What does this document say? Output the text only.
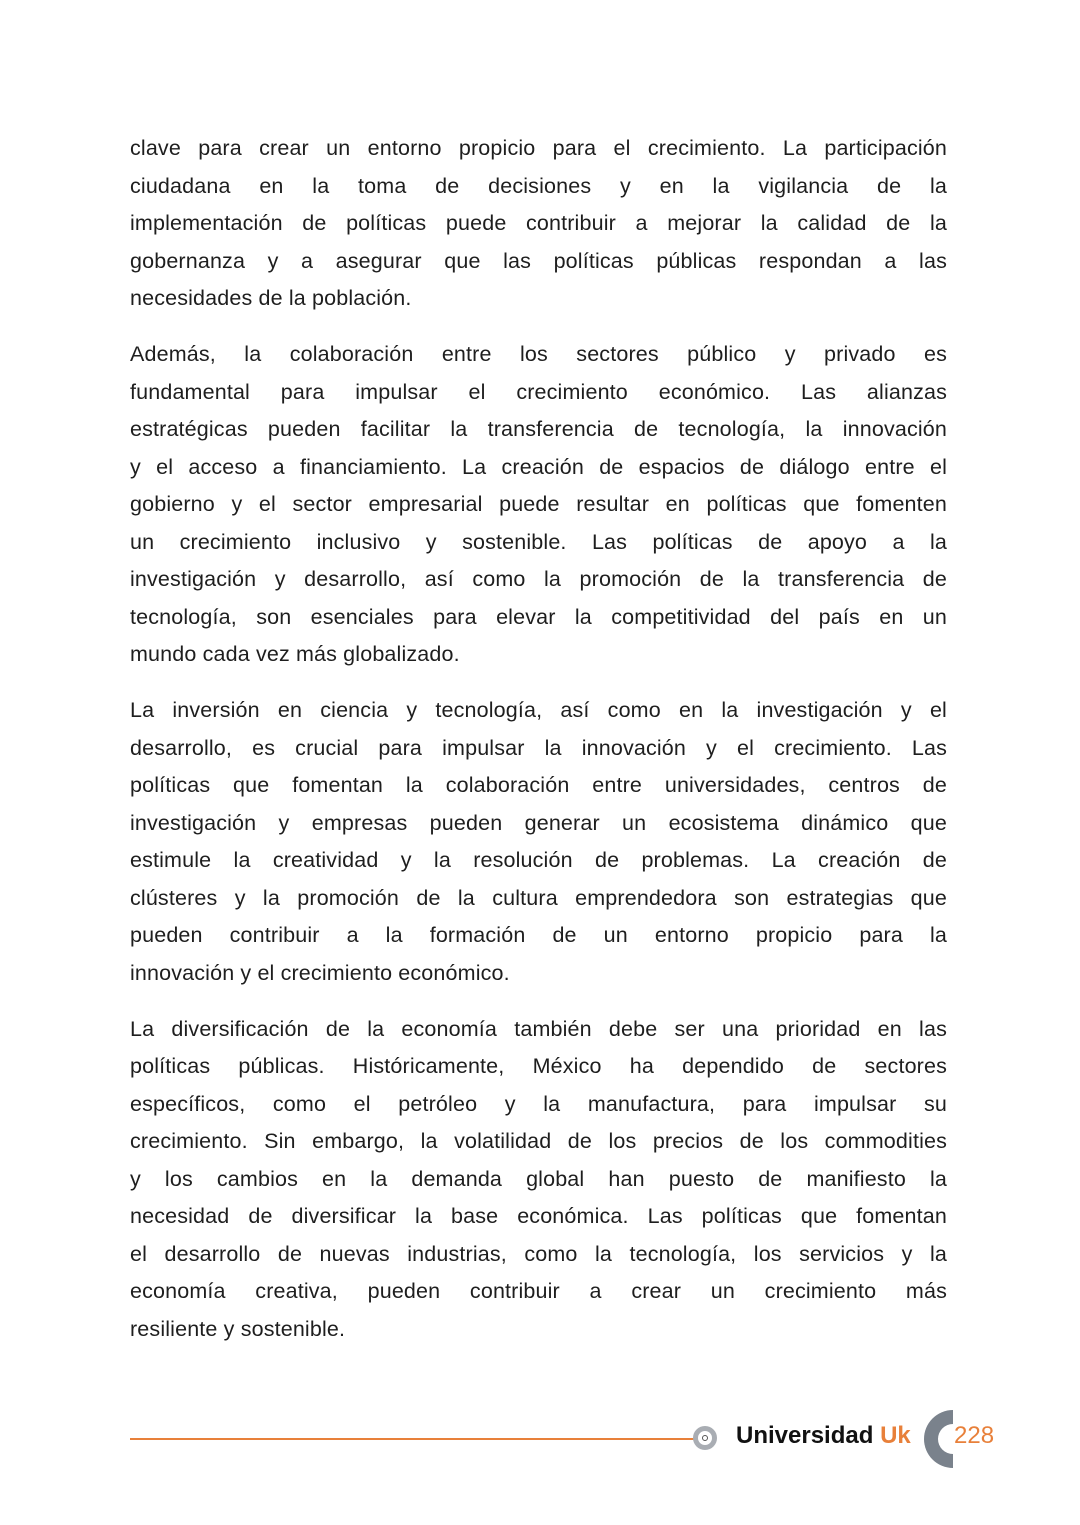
clave para crear un entorno propicio para el crecimiento. La participación
ciudadana en la toma de decisiones y en la vigilancia de la
implementación de políticas puede contribuir a mejorar la calidad de la
gobernanza y a asegurar que las políticas públicas respondan a las
necesidades de la población.
Además, la colaboración entre los sectores público y privado es
fundamental para impulsar el crecimiento económico. Las alianzas
estratégicas pueden facilitar la transferencia de tecnología, la innovación
y el acceso a financiamiento. La creación de espacios de diálogo entre el
gobierno y el sector empresarial puede resultar en políticas que fomenten
un crecimiento inclusivo y sostenible. Las políticas de apoyo a la
investigación y desarrollo, así como la promoción de la transferencia de
tecnología, son esenciales para elevar la competitividad del país en un
mundo cada vez más globalizado.
La inversión en ciencia y tecnología, así como en la investigación y el
desarrollo, es crucial para impulsar la innovación y el crecimiento. Las
políticas que fomentan la colaboración entre universidades, centros de
investigación y empresas pueden generar un ecosistema dinámico que
estimule la creatividad y la resolución de problemas. La creación de
clústeres y la promoción de la cultura emprendedora son estrategias que
pueden contribuir a la formación de un entorno propicio para la
innovación y el crecimiento económico.
La diversificación de la economía también debe ser una prioridad en las
políticas públicas. Históricamente, México ha dependido de sectores
específicos, como el petróleo y la manufactura, para impulsar su
crecimiento. Sin embargo, la volatilidad de los precios de los commodities
y los cambios en la demanda global han puesto de manifiesto la
necesidad de diversificar la base económica. Las políticas que fomentan
el desarrollo de nuevas industrias, como la tecnología, los servicios y la
economía creativa, pueden contribuir a crear un crecimiento más
resiliente y sostenible.
Universidad Uk 228
